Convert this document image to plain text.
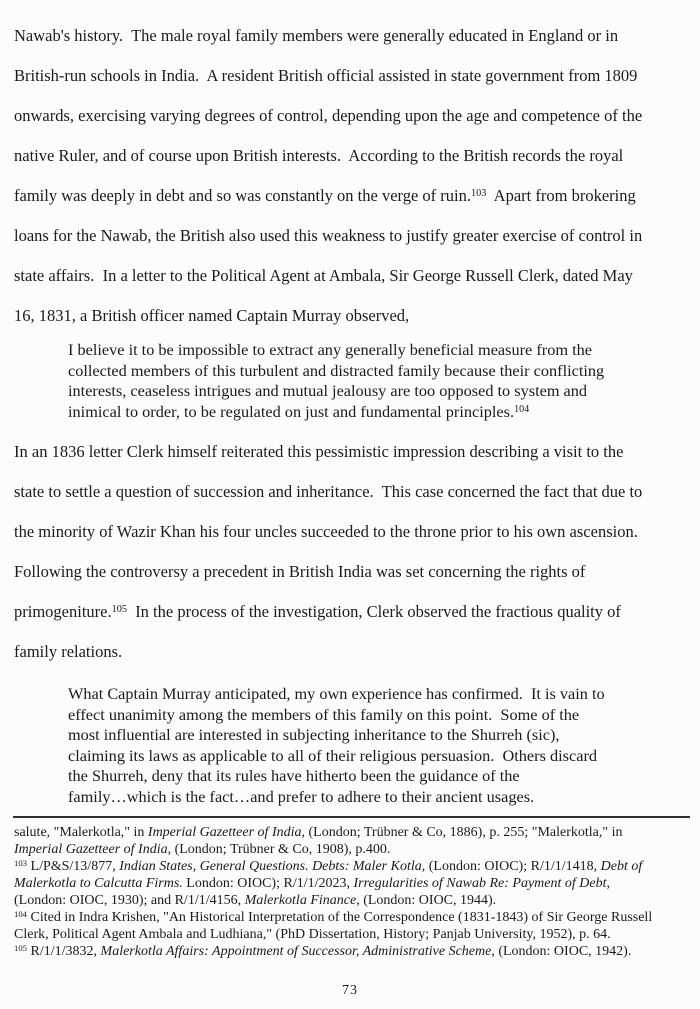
Nawab's history.  The male royal family members were generally educated in England or in
British-run schools in India.  A resident British official assisted in state government from 1809
onwards, exercising varying degrees of control, depending upon the age and competence of the
native Ruler, and of course upon British interests.  According to the British records the royal
family was deeply in debt and so was constantly on the verge of ruin.$^{103}$  Apart from brokering
loans for the Nawab, the British also used this weakness to justify greater exercise of control in
state affairs.  In a letter to the Political Agent at Ambala, Sir George Russell Clerk, dated May
16, 1831, a British officer named Captain Murray observed,
I believe it to be impossible to extract any generally beneficial measure from the
collected members of this turbulent and distracted family because their conflicting
interests, ceaseless intrigues and mutual jealousy are too opposed to system and
inimical to order, to be regulated on just and fundamental principles.$^{104}$
In an 1836 letter Clerk himself reiterated this pessimistic impression describing a visit to the
state to settle a question of succession and inheritance.  This case concerned the fact that due to
the minority of Wazir Khan his four uncles succeeded to the throne prior to his own ascension.
Following the controversy a precedent in British India was set concerning the rights of
primogeniture.$^{105}$  In the process of the investigation, Clerk observed the fractious quality of
family relations.
What Captain Murray anticipated, my own experience has confirmed.  It is vain to
effect unanimity among the members of this family on this point.  Some of the
most influential are interested in subjecting inheritance to the Shurreh (sic),
claiming its laws as applicable to all of their religious persuasion.  Others discard
the Shurreh, deny that its rules have hitherto been the guidance of the
family…which is the fact…and prefer to adhere to their ancient usages.
salute, "Malerkotla," in Imperial Gazetteer of India, (London; Trübner & Co, 1886), p. 255; "Malerkotla," in
Imperial Gazetteer of India, (London; Trübner & Co, 1908), p.400.
$^{103}$ L/P&S/13/877, Indian States, General Questions. Debts: Maler Kotla, (London: OIOC); R/1/1/1418, Debt of
Malerkotla to Calcutta Firms. London: OIOC); R/1/1/2023, Irregularities of Nawab Re: Payment of Debt,
(London: OIOC, 1930); and R/1/1/4156, Malerkotla Finance, (London: OIOC, 1944).
$^{104}$ Cited in Indra Krishen, "An Historical Interpretation of the Correspondence (1831-1843) of Sir George Russell
Clerk, Political Agent Ambala and Ludhiana," (PhD Dissertation, History; Panjab University, 1952), p. 64.
$^{105}$ R/1/1/3832, Malerkotla Affairs: Appointment of Successor, Administrative Scheme, (London: OIOC, 1942).
73
